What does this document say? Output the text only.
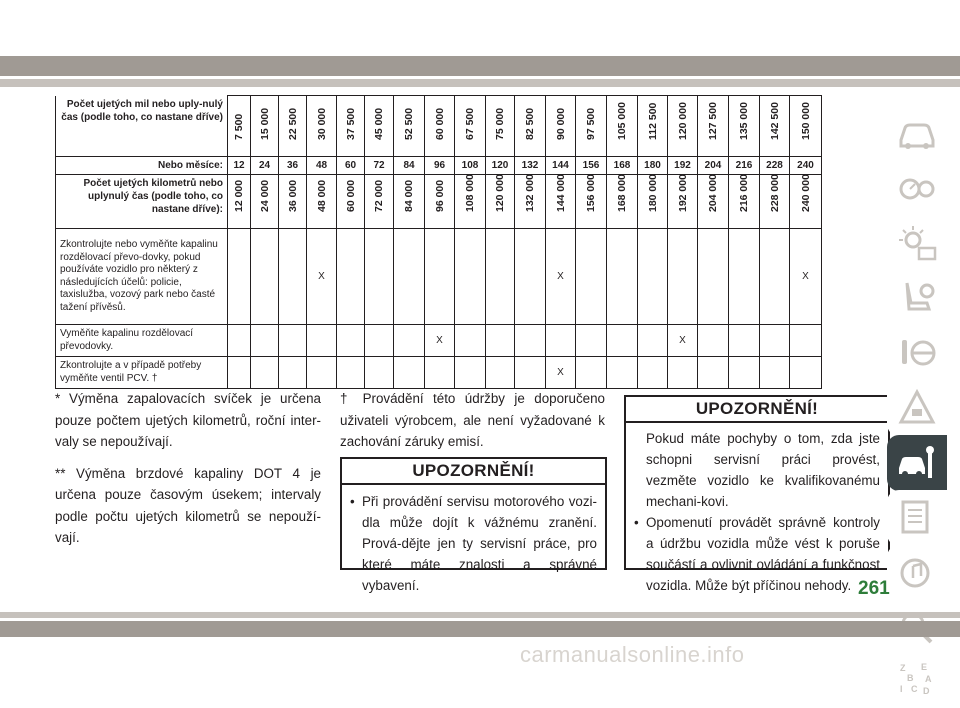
Počet ujetých mil nebo uply-nulý čas (podle toho, co nastane dříve)	7 500	15 000	22 500	30 000	37 500	45 000	52 500	60 000	67 500	75 000	82 500	90 000	97 500	105 000	112 500	120 000	127 500	135 000	142 500	150 000

Nebo měsíce:	12	24	36	48	60	72	84	96	108	120	132	144	156	168	180	192	204	216	228	240
Počet ujetých kilometrů nebo uplynulý čas (podle toho, co nastane dříve):	12 000	24 000	36 000	48 000	60 000	72 000	84 000	96 000	108 000	120 000	132 000	144 000	156 000	168 000	180 000	192 000	204 000	216 000	228 000	240 000

Zkontrolujte nebo vyměňte kapalinu rozdělovací převo-dovky, pokud používáte vozidlo pro některý z následujících účelů: policie, taxislužba, vozový park nebo časté tažení přívěsů.				X								X								X
Vyměňte kapalinu rozdělovací převodovky.								X								X				
Zkontrolujte a v případě potřeby vyměňte ventil PCV. †												X								
* Výměna zapalovacích svíček je určena pouze počtem ujetých kilometrů, roční inter-valy se nepoužívají.
** Výměna brzdové kapaliny DOT 4 je určena pouze časovým úsekem; intervaly podle počtu ujetých kilometrů se nepouží-vají.
† Provádění této údržby je doporučeno uživateli výrobcem, ale není vyžadované k zachování záruky emisí.
UPOZORNĚNÍ!
• Při provádění servisu motorového vozi-dla může dojít k vážnému zranění. Prová-dějte jen ty servisní práce, pro které máte znalosti a správné vybavení.
UPOZORNĚNÍ!

Pokud máte pochyby o tom, zda jste schopni servisní práci provést, vezměte vozidlo ke kvalifikovanému mechani-kovi.

• Opomenutí provádět správně kontroly a údržbu vozidla může vést k poruše součástí a ovlivnit ovládání a funkčnost vozidla. Může být příčinou nehody.
Z E
B A
I C D
261
carmanualsonline.info
